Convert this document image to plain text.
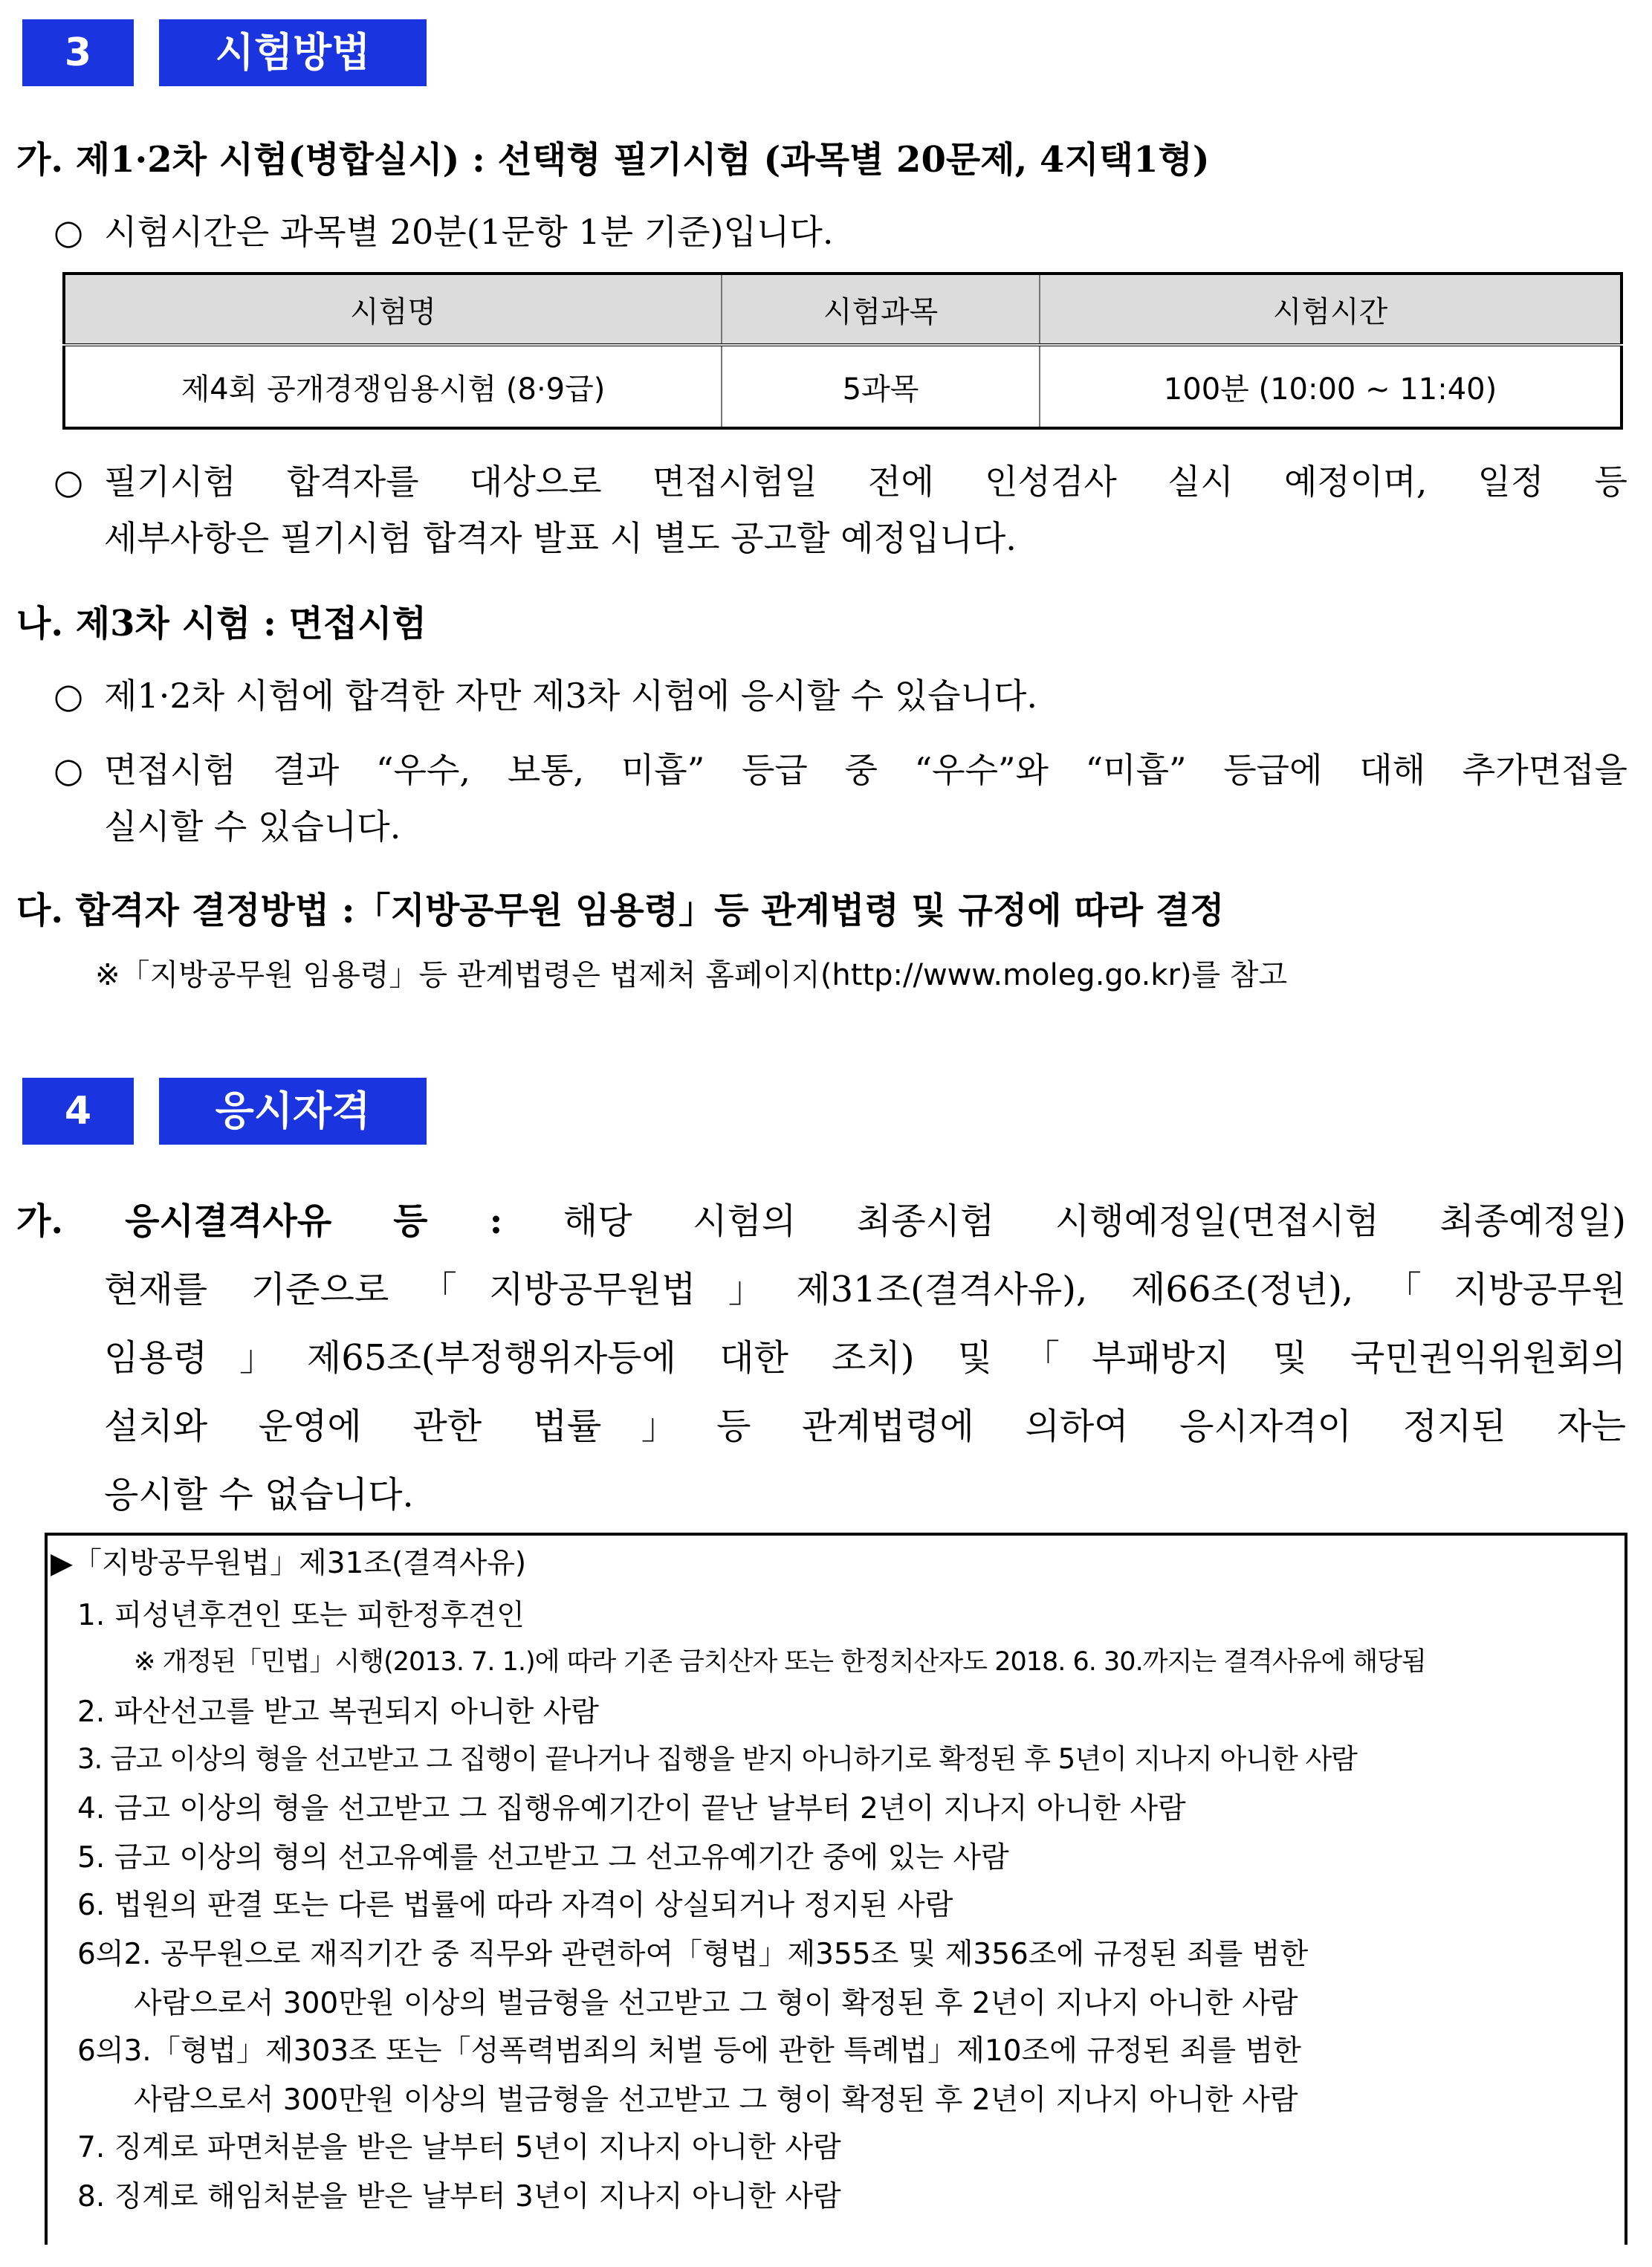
3	시험방법
가. 제1·2차 시험(병합실시) : 선택형 필기시험 (과목별 20문제, 4지택1형)
○ 시험시간은 과목별 20분(1문항 1분 기준)입니다.
시험명	시험과목	시험시간
제4회 공개경쟁임용시험 (8·9급)	5과목	100분 (10:00 ~ 11:40)
○ 필기시험 합격자를 대상으로 면접시험일 전에 인성검사 실시 예정이며, 일정 등
세부사항은 필기시험 합격자 발표 시 별도 공고할 예정입니다.
나. 제3차 시험 : 면접시험
○ 제1·2차 시험에 합격한 자만 제3차 시험에 응시할 수 있습니다.
○ 면접시험 결과 “우수, 보통, 미흡” 등급 중 “우수”와 “미흡” 등급에 대해 추가면접을
실시할 수 있습니다.
다. 합격자 결정방법 :「지방공무원 임용령」등 관계법령 및 규정에 따라 결정
※「지방공무원 임용령」등 관계법령은 법제처 홈페이지(http://www.moleg.go.kr)를 참고
4	응시자격
가. 응시결격사유 등 : 해당 시험의 최종시험 시행예정일(면접시험 최종예정일)
현재를 기준으로「지방공무원법」제31조(결격사유), 제66조(정년),「지방공무원
임용령」제65조(부정행위자등에 대한 조치) 및「부패방지 및 국민권익위원회의
설치와 운영에 관한 법률」등 관계법령에 의하여 응시자격이 정지된 자는
응시할 수 없습니다.
▶「지방공무원법」제31조(결격사유)
1. 피성년후견인 또는 피한정후견인
※ 개정된「민법」시행(2013. 7. 1.)에 따라 기존 금치산자 또는 한정치산자도 2018. 6. 30.까지는 결격사유에 해당됨
2. 파산선고를 받고 복권되지 아니한 사람
3. 금고 이상의 형을 선고받고 그 집행이 끝나거나 집행을 받지 아니하기로 확정된 후 5년이 지나지 아니한 사람
4. 금고 이상의 형을 선고받고 그 집행유예기간이 끝난 날부터 2년이 지나지 아니한 사람
5. 금고 이상의 형의 선고유예를 선고받고 그 선고유예기간 중에 있는 사람
6. 법원의 판결 또는 다른 법률에 따라 자격이 상실되거나 정지된 사람
6의2. 공무원으로 재직기간 중 직무와 관련하여「형법」제355조 및 제356조에 규정된 죄를 범한
사람으로서 300만원 이상의 벌금형을 선고받고 그 형이 확정된 후 2년이 지나지 아니한 사람
6의3.「형법」제303조 또는「성폭력범죄의 처벌 등에 관한 특례법」제10조에 규정된 죄를 범한
사람으로서 300만원 이상의 벌금형을 선고받고 그 형이 확정된 후 2년이 지나지 아니한 사람
7. 징계로 파면처분을 받은 날부터 5년이 지나지 아니한 사람
8. 징계로 해임처분을 받은 날부터 3년이 지나지 아니한 사람
